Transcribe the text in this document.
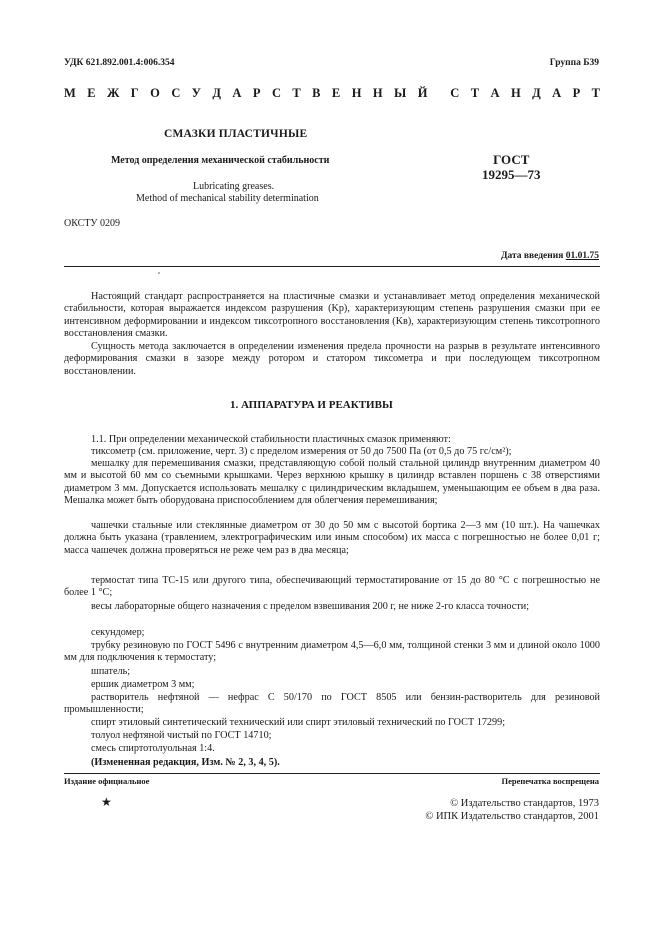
УДК 621.892.001.4:006.354	Группа Б39
М Е Ж Г О С У Д А Р С Т В Е Н Н Ы Й С Т А Н Д А Р Т
СМАЗКИ ПЛАСТИЧНЫЕ
Метод определения механической стабильности	ГОСТ
19295—73
Lubricating greases.
Method of mechanical stability determination
ОКСТУ 0209
Дата введения 01.01.75
Настоящий стандарт распространяется на пластичные смазки и устанавливает метод определения механической стабильности, которая выражается индексом разрушения (Kр), характеризующим степень разрушения смазки при ее интенсивном деформировании и индексом тиксотропного восстановления (Kв), характеризующим степень тиксотропного восстановления смазки.
Сущность метода заключается в определении изменения предела прочности на разрыв в результате интенсивного деформирования смазки в зазоре между ротором и статором тиксометра и при последующем тиксотропном восстановлении.
1. АППАРАТУРА И РЕАКТИВЫ
1.1. При определении механической стабильности пластичных смазок применяют:
тиксометр (см. приложение, черт. 3) с пределом измерения от 50 до 7500 Па (от 0,5 до 75 гс/см²);
мешалку для перемешивания смазки, представляющую собой полый стальной цилиндр внутренним диаметром 40 мм и высотой 60 мм со съемными крышками. Через верхнюю крышку в цилиндр вставлен поршень с 38 отверстиями диаметром 3 мм. Допускается использовать мешалку с цилиндрическим вкладышем, уменьшающим ее объем в два раза. Мешалка может быть оборудована приспособлением для облегчения перемешивания;
чашечки стальные или стеклянные диаметром от 30 до 50 мм с высотой бортика 2—3 мм (10 шт.). На чашечках должна быть указана (травлением, электрографическим или иным способом) их масса с погрешностью не более 0,01 г; масса чашечек должна проверяться не реже чем раз в два месяца;
термостат типа ТС-15 или другого типа, обеспечивающий термостатирование от 15 до 80 °С с погрешностью не более 1 °С;
весы лабораторные общего назначения с пределом взвешивания 200 г, не ниже 2-го класса точности;
секундомер;
трубку резиновую по ГОСТ 5496 с внутренним диаметром 4,5—6,0 мм, толщиной стенки 3 мм и длиной около 1000 мм для подключения к термостату;
шпатель;
ершик диаметром 3 мм;
растворитель нефтяной — нефрас С 50/170 по ГОСТ 8505 или бензин-растворитель для резиновой промышленности;
спирт этиловый синтетический технический или спирт этиловый технический по ГОСТ 17299;
толуол нефтяной чистый по ГОСТ 14710;
смесь спиртотолуольная 1:4.
(Измененная редакция, Изм. № 2, 3, 4, 5).
Издание официальное	Перепечатка воспрещена
★	© Издательство стандартов, 1973
© ИПК Издательство стандартов, 2001
